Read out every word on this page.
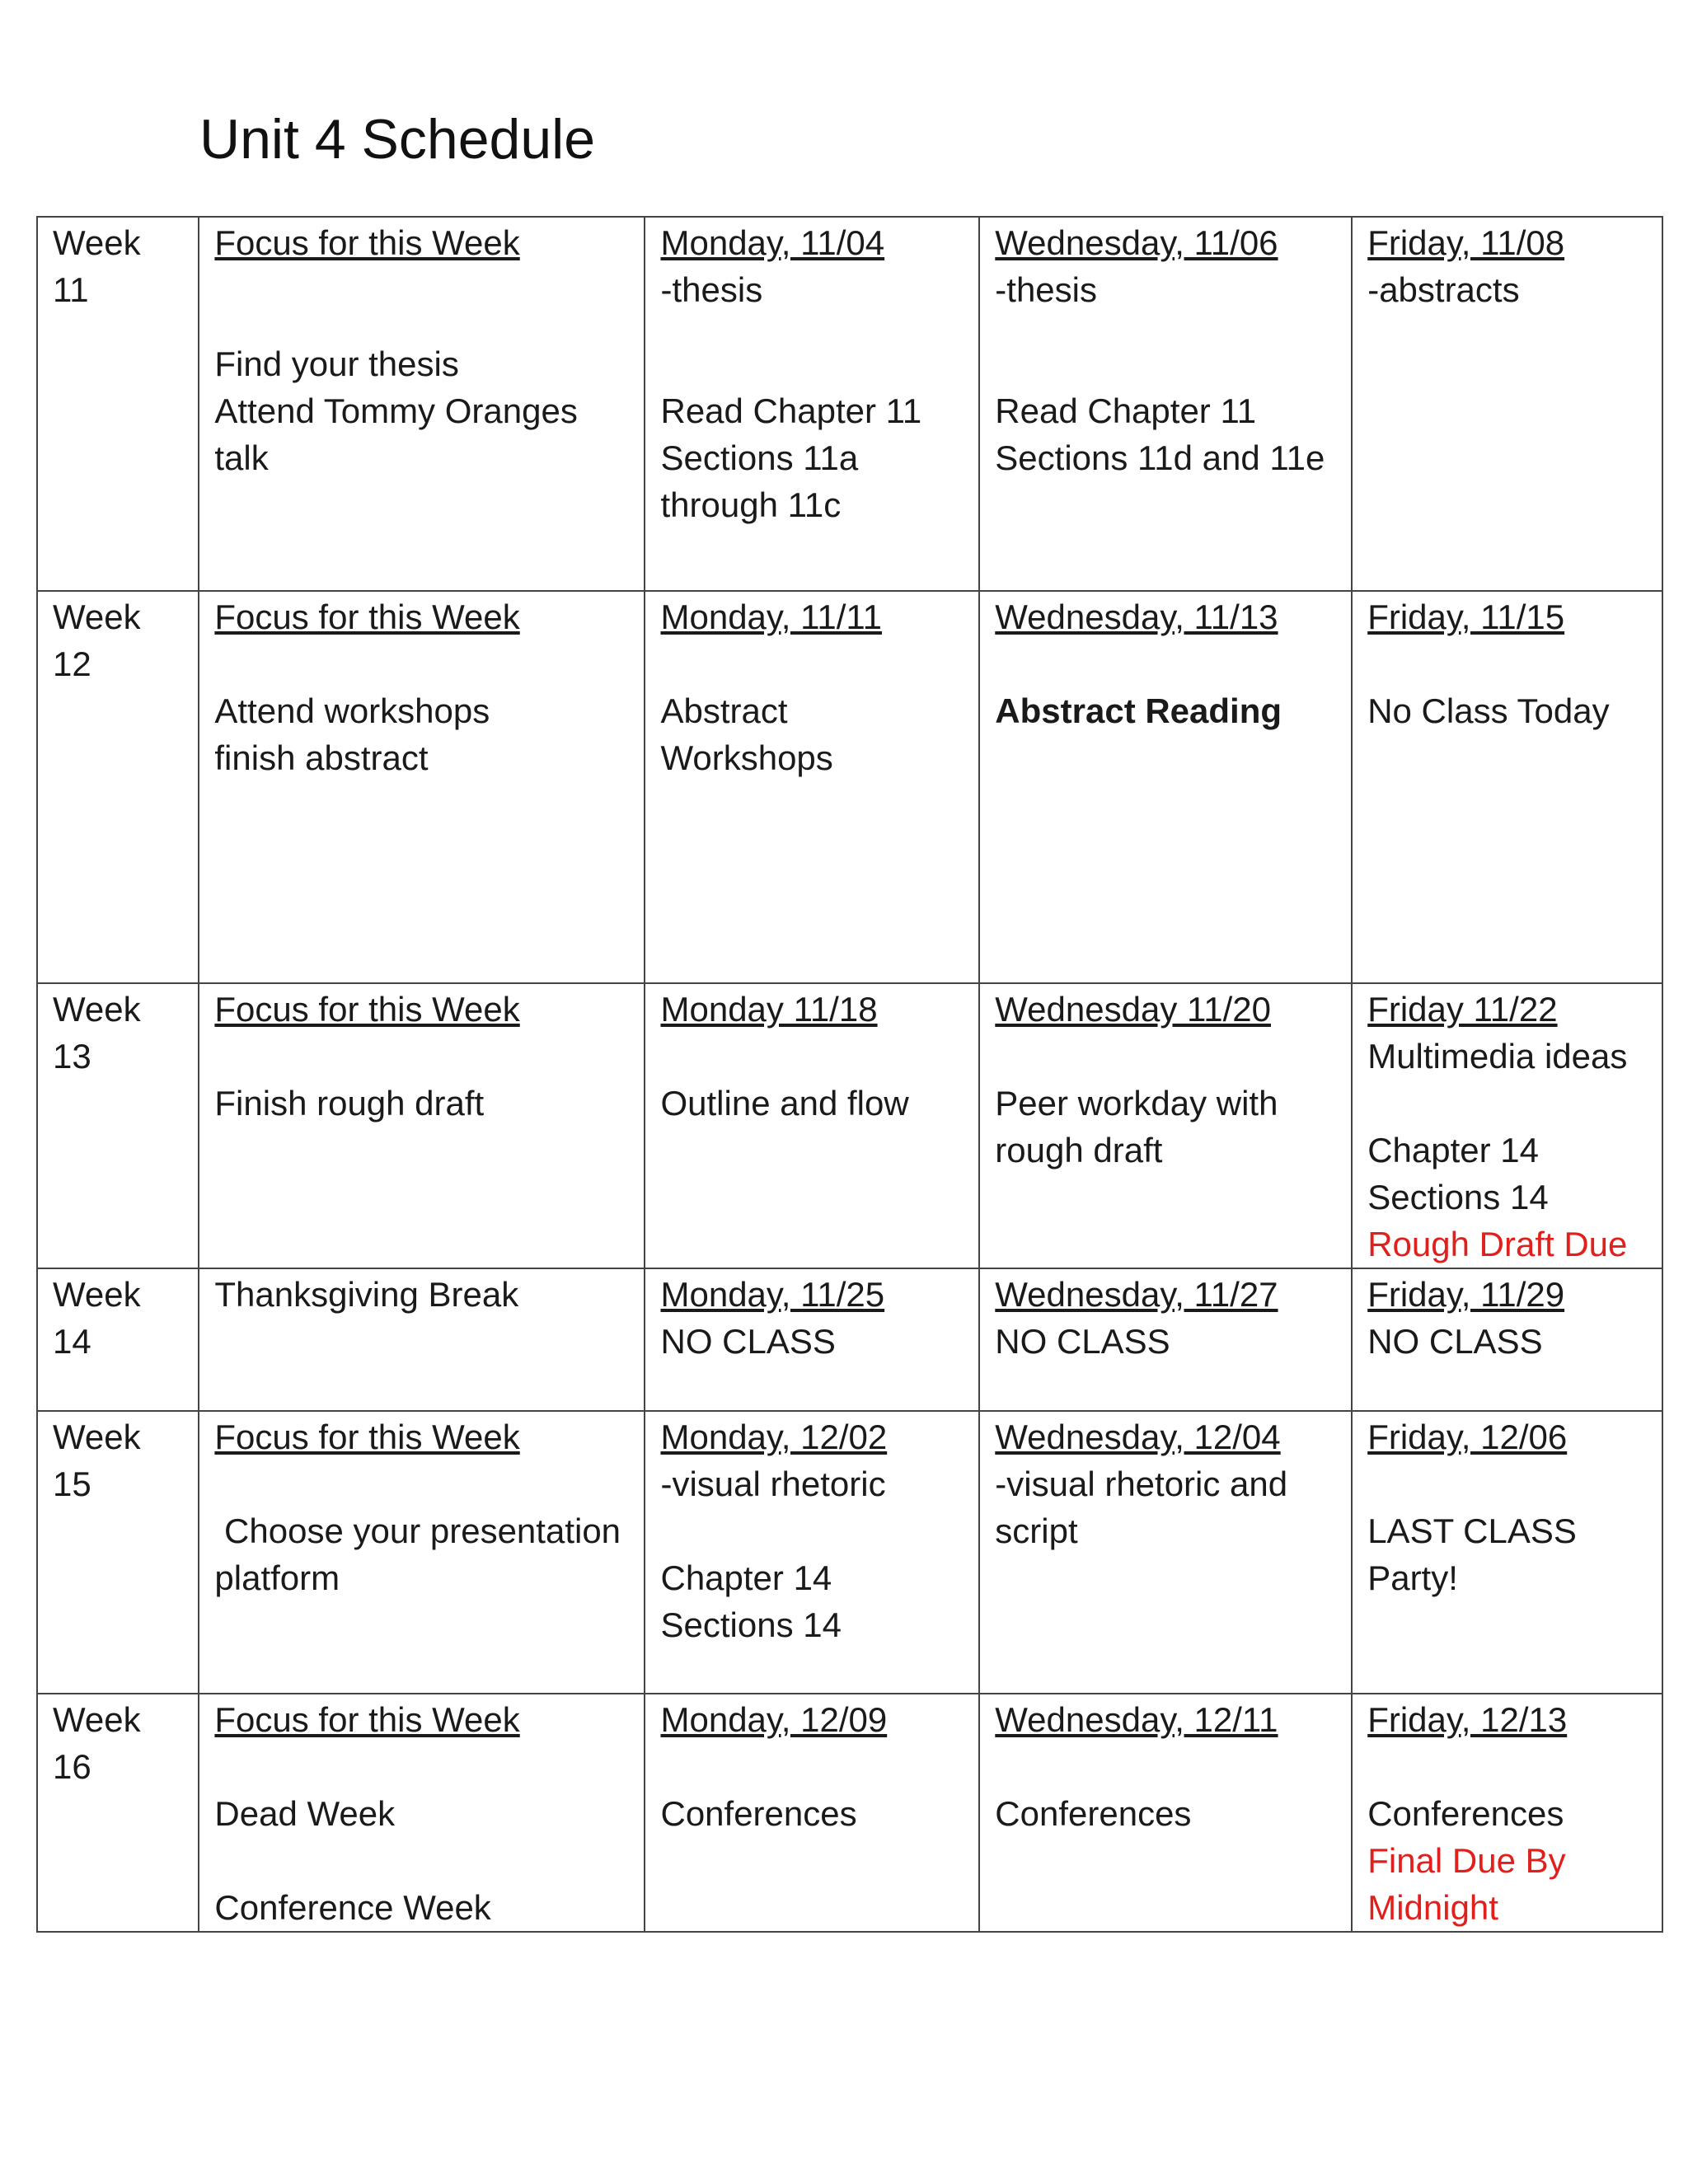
Unit 4 Schedule
Week
11	Focus for this Week
Find your thesis
Attend Tommy Oranges
talk	Monday, 11/04
-thesis
Read Chapter 11
Sections 11a
through 11c	Wednesday, 11/06
-thesis
Read Chapter 11
Sections 11d and 11e	Friday, 11/08
-abstracts

Week
12	Focus for this Week
Attend workshops
finish abstract	Monday, 11/11
Abstract
Workshops	Wednesday, 11/13
Abstract Reading	Friday, 11/15
No Class Today

Week
13	Focus for this Week
Finish rough draft	Monday 11/18
Outline and flow	Wednesday 11/20
Peer workday with
rough draft	Friday 11/22
Multimedia ideas
Chapter 14
Sections 14
Rough Draft Due

Week
14	Thanksgiving Break	Monday, 11/25
NO CLASS	Wednesday, 11/27
NO CLASS	Friday, 11/29
NO CLASS

Week
15	Focus for this Week
Choose your presentation
platform	Monday, 12/02
-visual rhetoric
Chapter 14
Sections 14	Wednesday, 12/04
-visual rhetoric and
script	Friday, 12/06
LAST CLASS
Party!

Week
16	Focus for this Week
Dead Week
Conference Week	Monday, 12/09
Conferences	Wednesday, 12/11
Conferences	Friday, 12/13
Conferences
Final Due By
Midnight
